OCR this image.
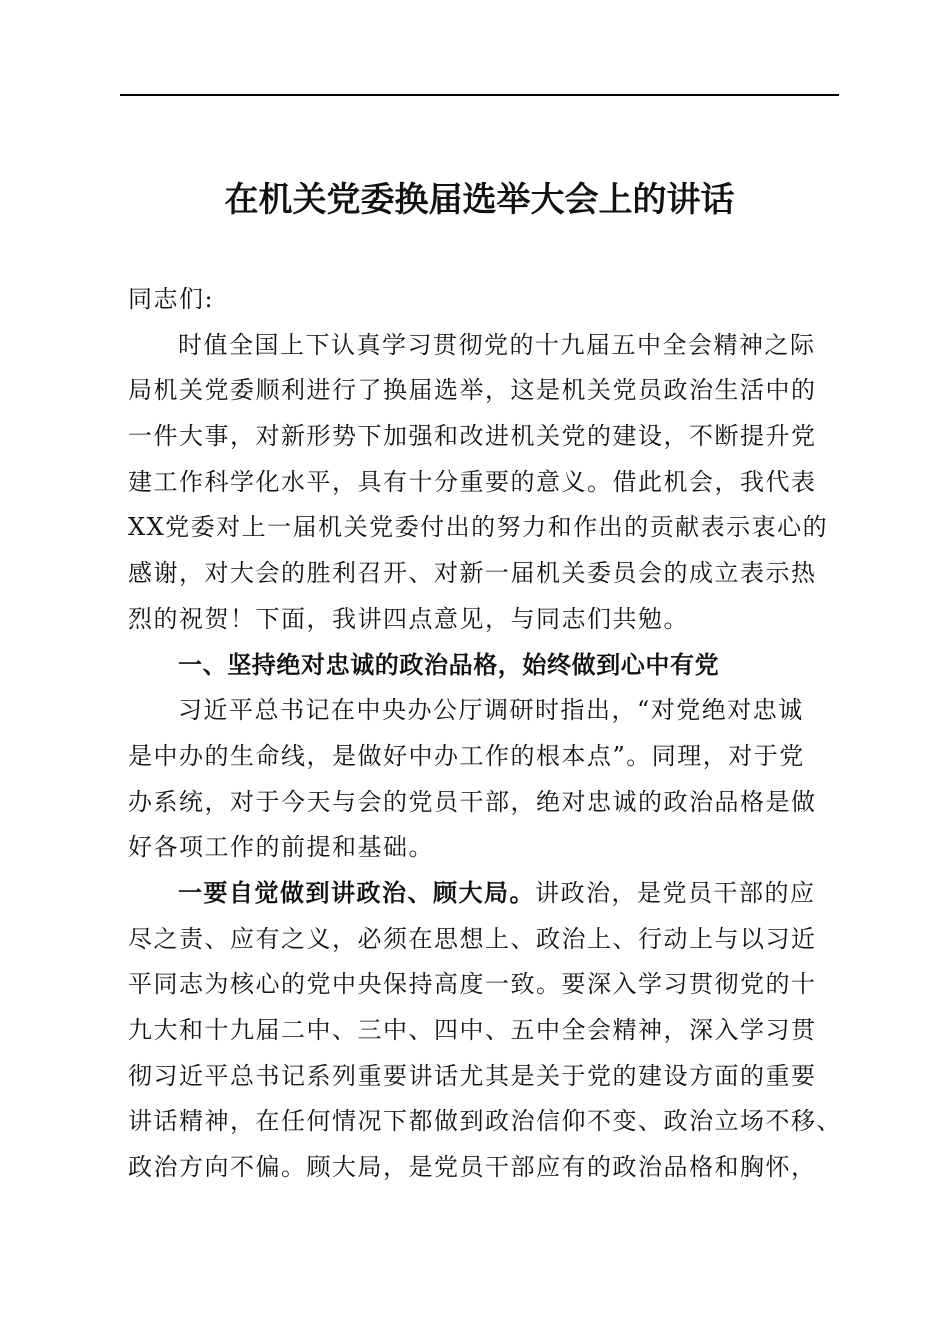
在机关党委换届选举大会上的讲话
同志们:
时值全国上下认真学习贯彻党的十九届五中全会精神之际
局机关党委顺利进行了换届选举，这是机关党员政治生活中的
一件大事，对新形势下加强和改进机关党的建设，不断提升党
建工作科学化水平，具有十分重要的意义。借此机会，我代表
XX党委对上一届机关党委付出的努力和作出的贡献表示衷心的
感谢，对大会的胜利召开、对新一届机关委员会的成立表示热
烈的祝贺！下面，我讲四点意见，与同志们共勉。
一、坚持绝对忠诚的政治品格，始终做到心中有党
习近平总书记在中央办公厅调研时指出，“对党绝对忠诚
是中办的生命线，是做好中办工作的根本点”。同理，对于党
办系统，对于今天与会的党员干部，绝对忠诚的政治品格是做
好各项工作的前提和基础。
一要自觉做到讲政治、顾大局。讲政治，是党员干部的应
尽之责、应有之义，必须在思想上、政治上、行动上与以习近
平同志为核心的党中央保持高度一致。要深入学习贯彻党的十
九大和十九届二中、三中、四中、五中全会精神，深入学习贯
彻习近平总书记系列重要讲话尤其是关于党的建设方面的重要
讲话精神，在任何情况下都做到政治信仰不变、政治立场不移、
政治方向不偏。顾大局，是党员干部应有的政治品格和胸怀，
